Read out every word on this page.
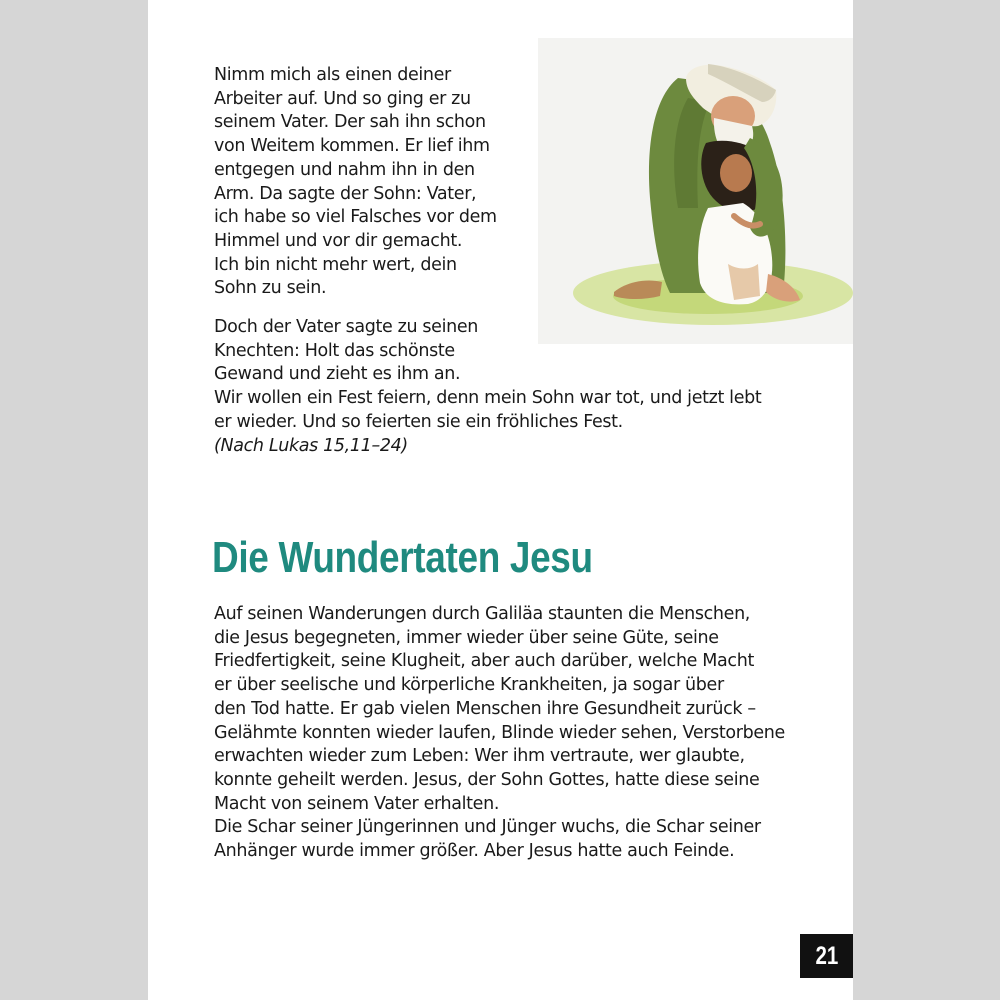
Nimm mich als einen deiner
Arbeiter auf. Und so ging er zu
seinem Vater. Der sah ihn schon
von Weitem kommen. Er lief ihm
entgegen und nahm ihn in den
Arm. Da sagte der Sohn: Vater,
ich habe so viel Falsches vor dem
Himmel und vor dir gemacht.
Ich bin nicht mehr wert, dein
Sohn zu sein.

Doch der Vater sagte zu seinen
Knechten: Holt das schönste
Gewand und zieht es ihm an.
Wir wollen ein Fest feiern, denn mein Sohn war tot, und jetzt lebt
er wieder. Und so feierten sie ein fröhliches Fest.

(Nach Lukas 15,11–24)

Die Wundertaten Jesu

Auf seinen Wanderungen durch Galiläa staunten die Menschen,
die Jesus begegneten, immer wieder über seine Güte, seine
Friedfertigkeit, seine Klugheit, aber auch darüber, welche Macht
er über seelische und körperliche Krankheiten, ja sogar über
den Tod hatte. Er gab vielen Menschen ihre Gesundheit zurück –
Gelähmte konnten wieder laufen, Blinde wieder sehen, Verstorbene
erwachten wieder zum Leben: Wer ihm vertraute, wer glaubte,
konnte geheilt werden. Jesus, der Sohn Gottes, hatte diese seine
Macht von seinem Vater erhalten.
Die Schar seiner Jüngerinnen und Jünger wuchs, die Schar seiner
Anhänger wurde immer größer. Aber Jesus hatte auch Feinde.

21
